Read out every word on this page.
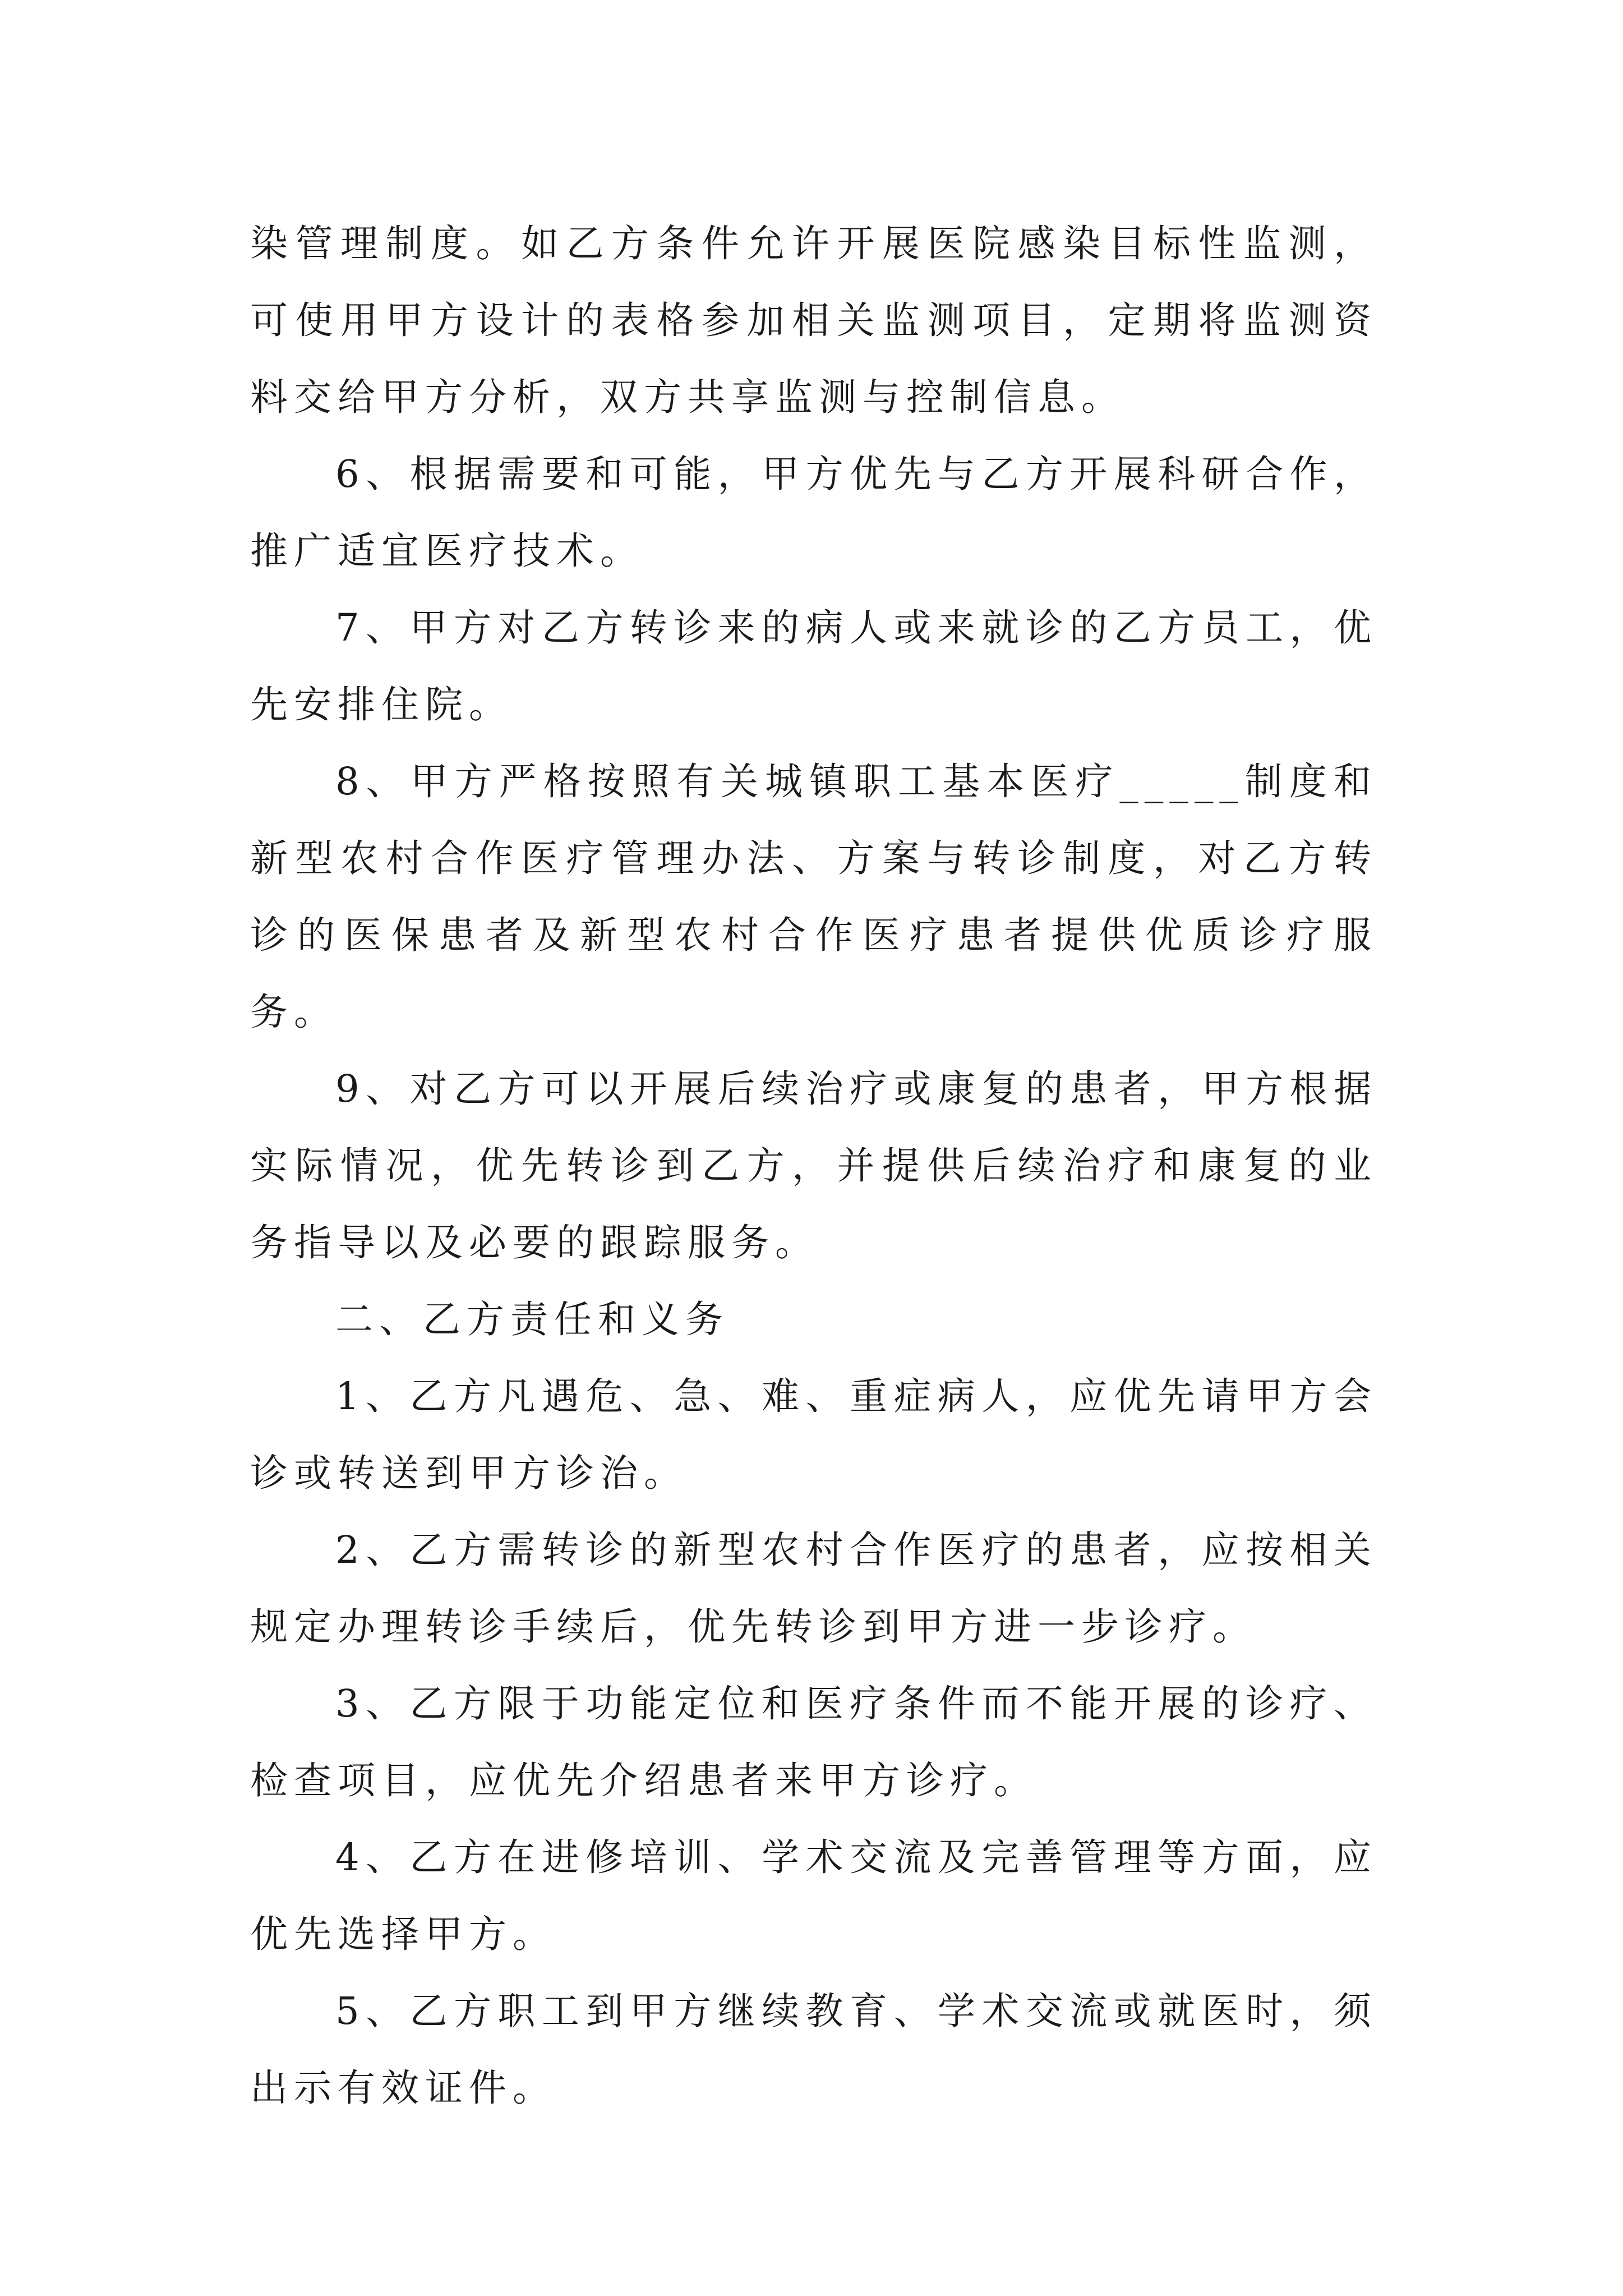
染管理制度。如乙方条件允许开展医院感染目标性监测，可使用甲方设计的表格参加相关监测项目，定期将监测资料交给甲方分析，双方共享监测与控制信息。

6、根据需要和可能，甲方优先与乙方开展科研合作，推广适宜医疗技术。

7、甲方对乙方转诊来的病人或来就诊的乙方员工，优先安排住院。

8、甲方严格按照有关城镇职工基本医疗_____制度和新型农村合作医疗管理办法、方案与转诊制度，对乙方转诊的医保患者及新型农村合作医疗患者提供优质诊疗服务。

9、对乙方可以开展后续治疗或康复的患者，甲方根据实际情况，优先转诊到乙方，并提供后续治疗和康复的业务指导以及必要的跟踪服务。

二、乙方责任和义务

1、乙方凡遇危、急、难、重症病人，应优先请甲方会诊或转送到甲方诊治。

2、乙方需转诊的新型农村合作医疗的患者，应按相关规定办理转诊手续后，优先转诊到甲方进一步诊疗。

3、乙方限于功能定位和医疗条件而不能开展的诊疗、检查项目，应优先介绍患者来甲方诊疗。

4、乙方在进修培训、学术交流及完善管理等方面，应优先选择甲方。

5、乙方职工到甲方继续教育、学术交流或就医时，须出示有效证件。
